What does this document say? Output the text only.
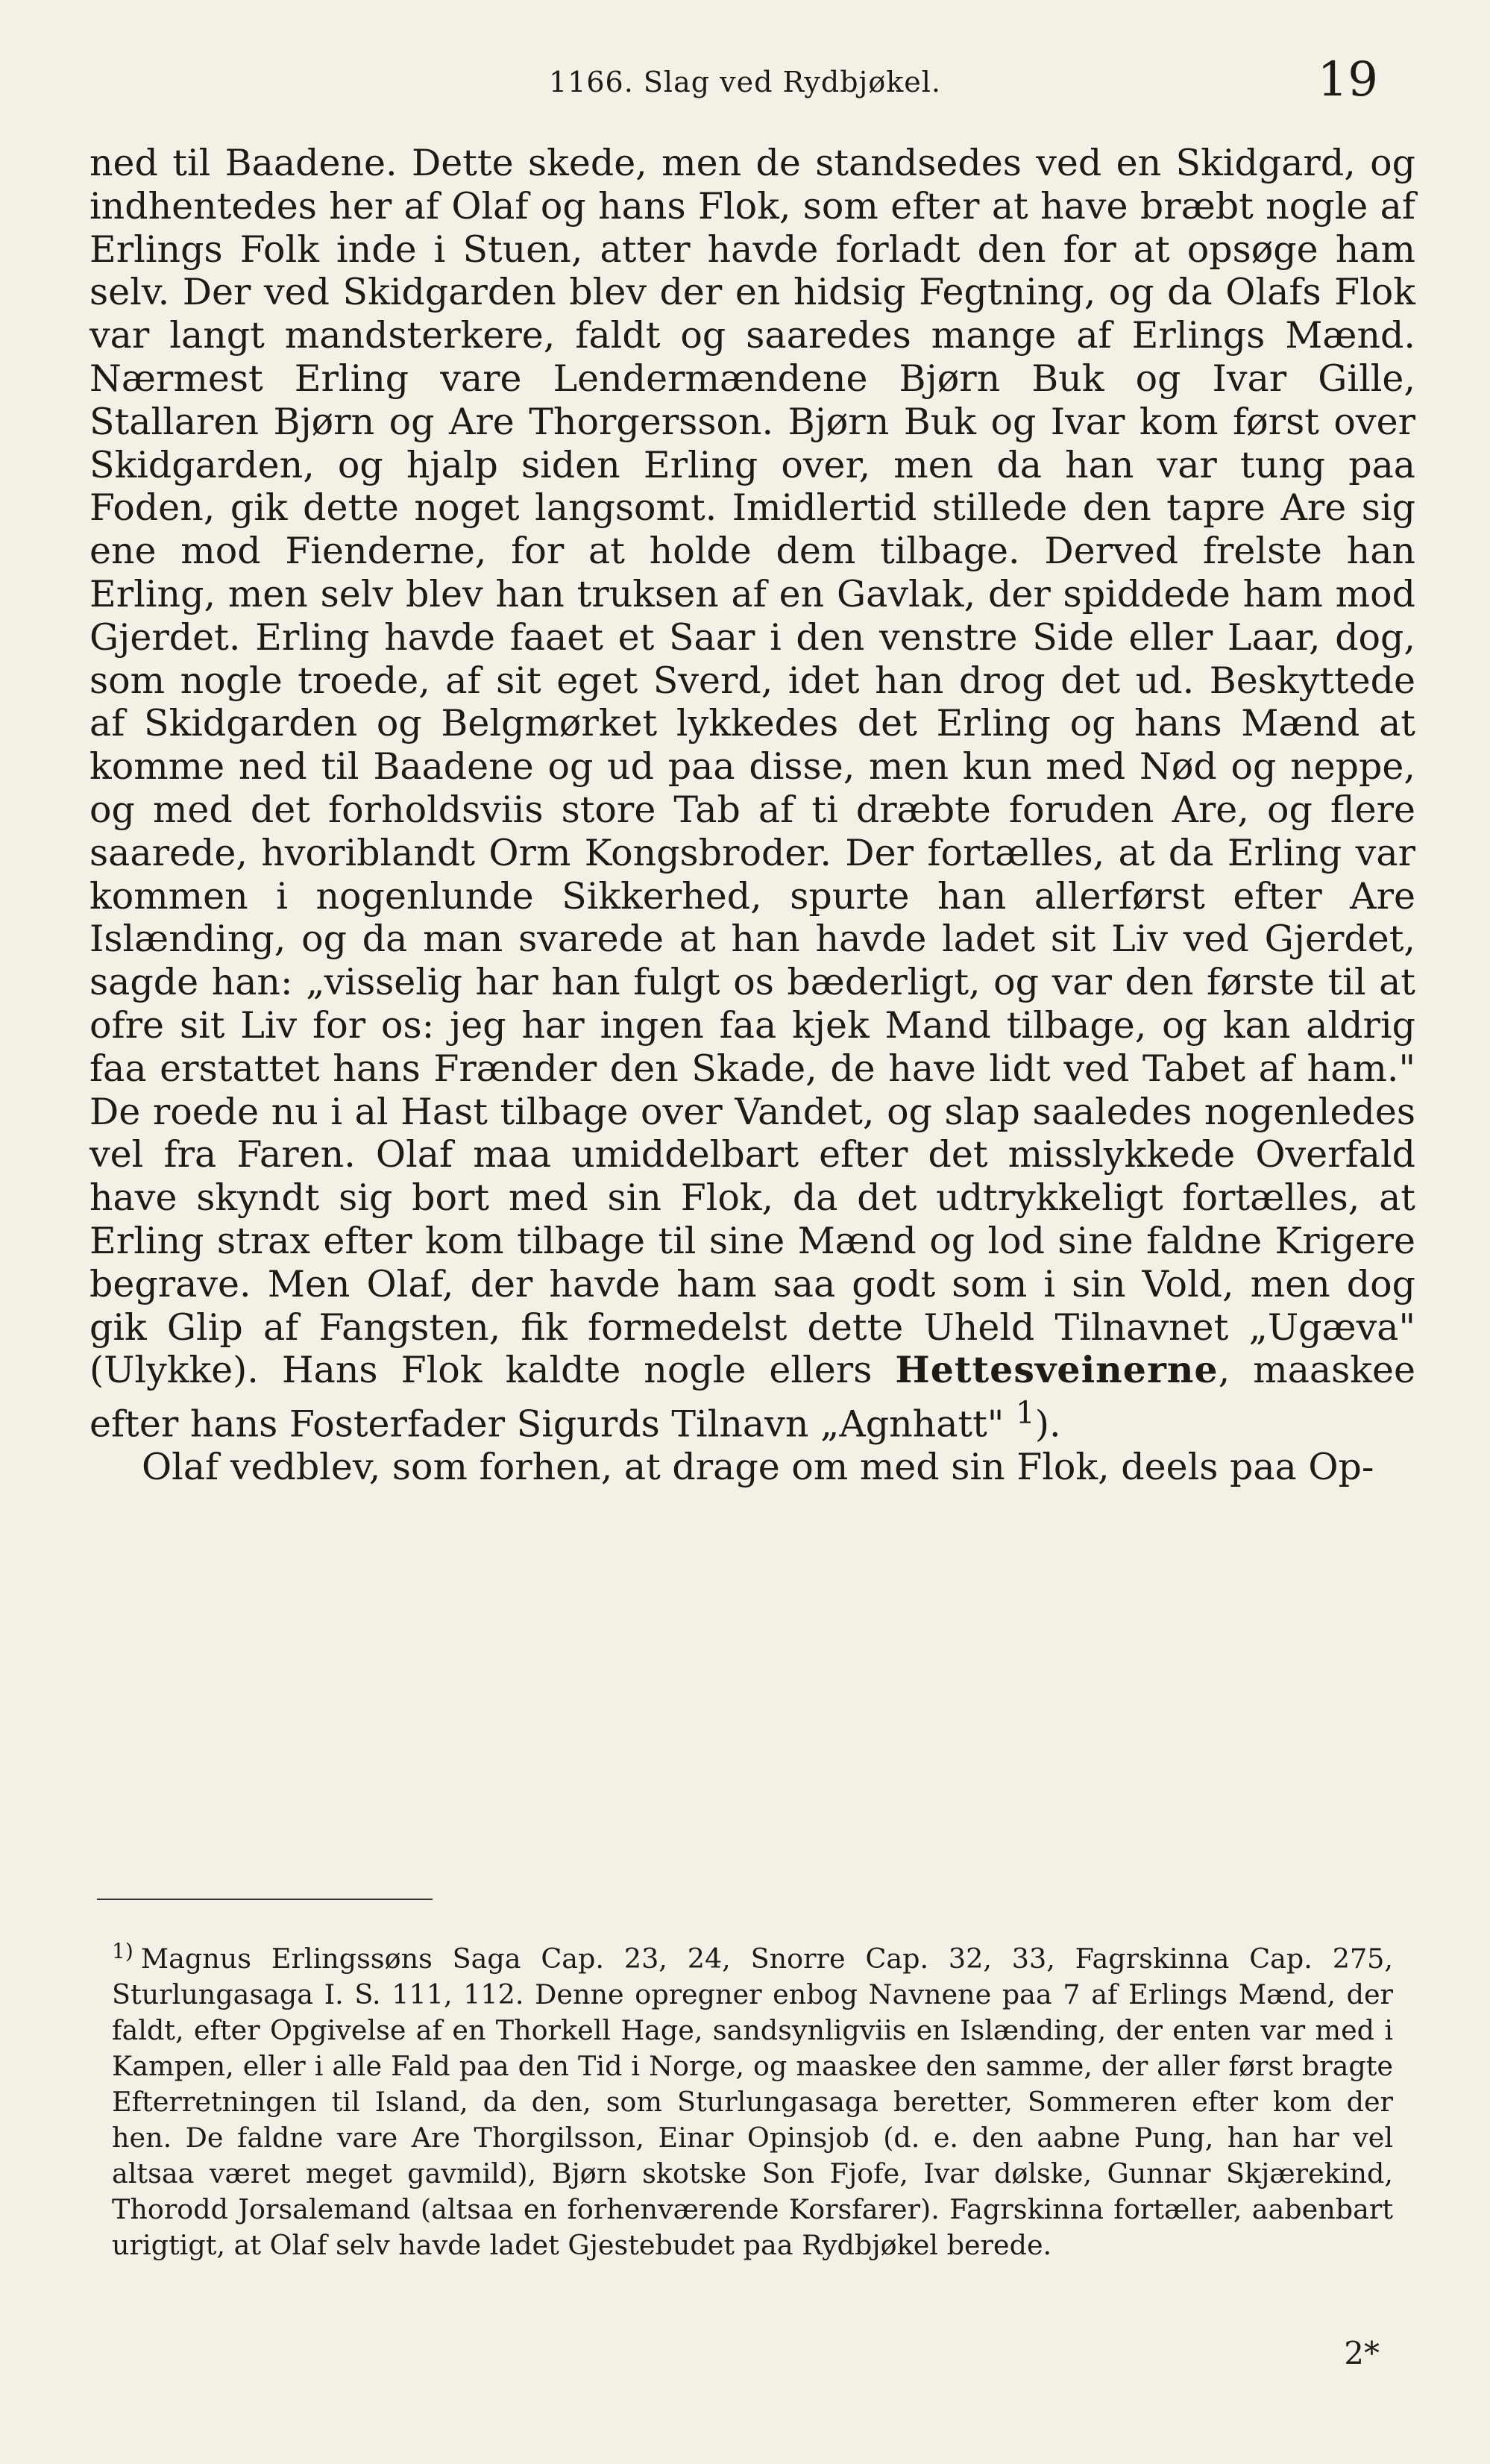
1166. Slag ved Rydbjøkel.	19

ned til Baadene. Dette skede, men de standsedes ved en Skidgard, og indhentedes her af Olaf og hans Flok, som efter at have bræbt nogle af Erlings Folk inde i Stuen, atter havde forladt den for at opsøge ham selv. Der ved Skidgarden blev der en hidsig Fegtning, og da Olafs Flok var langt mandsterkere, faldt og saaredes mange af Erlings Mænd. Nærmest Erling vare Lendermændene Bjørn Buk og Ivar Gille, Stallaren Bjørn og Are Thorgersson. Bjørn Buk og Ivar kom først over Skidgarden, og hjalp siden Erling over, men da han var tung paa Foden, gik dette noget langsomt. Imidlertid stillede den tapre Are sig ene mod Fienderne, for at holde dem tilbage. Derved frelste han Erling, men selv blev han truksen af en Gavlak, der spiddede ham mod Gjerdet. Erling havde faaet et Saar i den venstre Side eller Laar, dog, som nogle troede, af sit eget Sverd, idet han drog det ud. Beskyttede af Skidgarden og Belgmørket lykkedes det Erling og hans Mænd at komme ned til Baadene og ud paa disse, men kun med Nød og neppe, og med det forholdsviis store Tab af ti dræbte foruden Are, og flere saarede, hvoriblandt Orm Kongsbroder. Der fortælles, at da Erling var kommen i nogenlunde Sikkerhed, spurte han allerførst efter Are Islænding, og da man svarede at han havde ladet sit Liv ved Gjerdet, sagde han: „visselig har han fulgt os bæderligt, og var den første til at ofre sit Liv for os: jeg har ingen faa kjek Mand tilbage, og kan aldrig faa erstattet hans Frænder den Skade, de have lidt ved Tabet af ham." De roede nu i al Hast tilbage over Vandet, og slap saaledes nogenledes vel fra Faren. Olaf maa umiddelbart efter det misslykkede Overfald have skyndt sig bort med sin Flok, da det udtrykkeligt fortælles, at Erling strax efter kom tilbage til sine Mænd og lod sine faldne Krigere begrave. Men Olaf, der havde ham saa godt som i sin Vold, men dog gik Glip af Fangsten, fik formedelst dette Uheld Tilnavnet „Ugæva" (Ulykke). Hans Flok kaldte nogle ellers Hettesveinerne, maaskee efter hans Fosterfader Sigurds Tilnavn „Agnhatt" $^1$).

Olaf vedblev, som forhen, at drage om med sin Flok, deels paa Op-

$^{1)}$ Magnus Erlingssøns Saga Cap. 23, 24, Snorre Cap. 32, 33, Fagrskinna Cap. 275, Sturlungasaga I. S. 111, 112. Denne opregner enbog Navnene paa 7 af Erlings Mænd, der faldt, efter Opgivelse af en Thorkell Hage, sandsynligviis en Islænding, der enten var med i Kampen, eller i alle Fald paa den Tid i Norge, og maaskee den samme, der aller først bragte Efterretningen til Island, da den, som Sturlungasaga beretter, Sommeren efter kom der hen. De faldne vare Are Thorgilsson, Einar Opinsjob (d. e. den aabne Pung, han har vel altsaa været meget gavmild), Bjørn skotske Son Fjofe, Ivar dølske, Gunnar Skjærekind, Thorodd Jorsalemand (altsaa en forhenværende Korsfarer). Fagrskinna fortæller, aabenbart urigtigt, at Olaf selv havde ladet Gjestebudet paa Rydbjøkel berede.

2*
